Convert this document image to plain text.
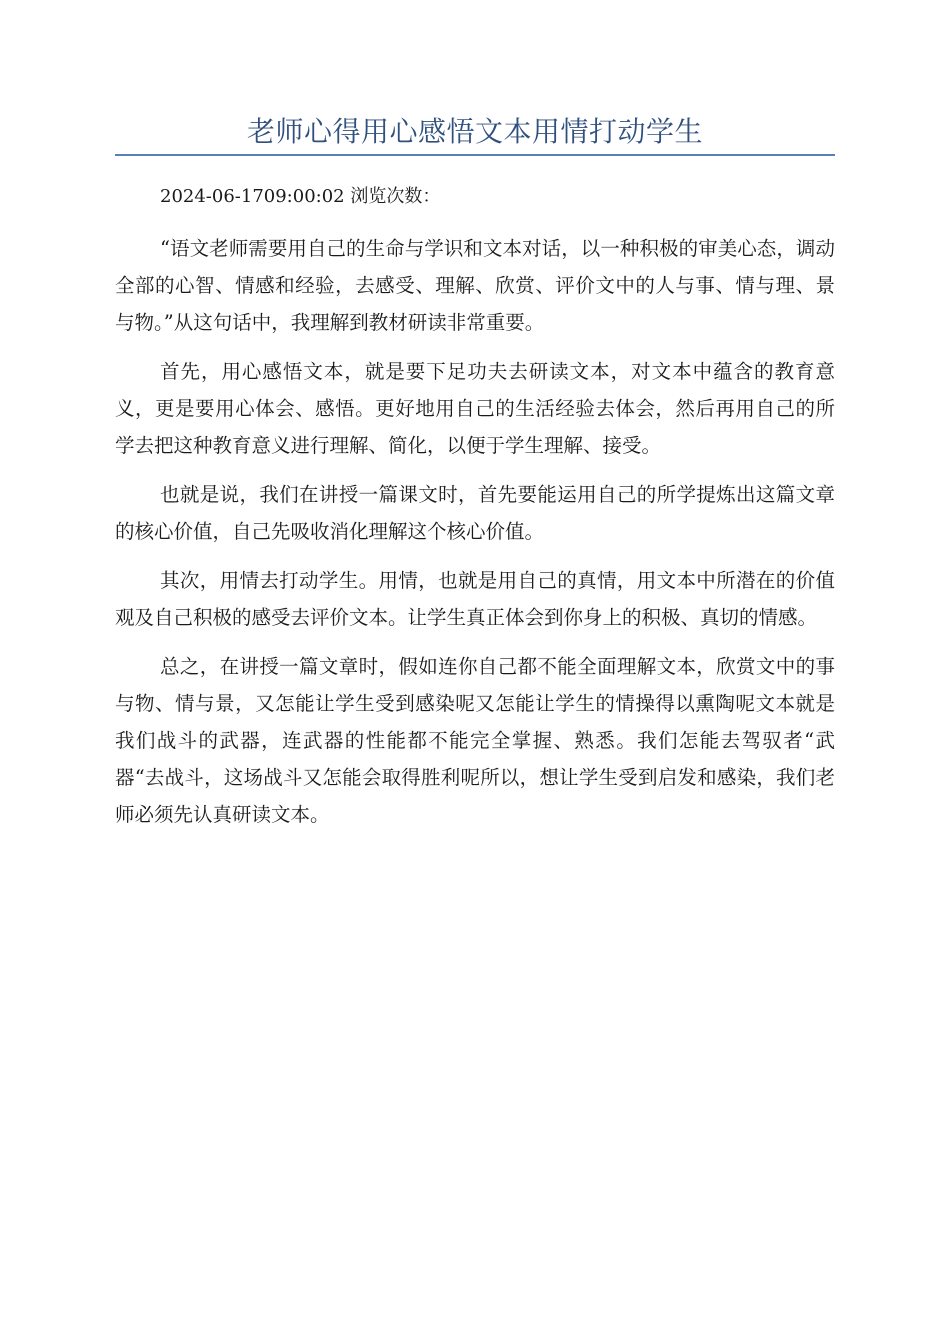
老师心得用心感悟文本用情打动学生

2024-06-1709:00:02 浏览次数：

“语文老师需要用自己的生命与学识和文本对话，以一种积极的审美心态，调动全部的心智、情感和经验，去感受、理解、欣赏、评价文中的人与事、情与理、景与物。”从这句话中，我理解到教材研读非常重要。

首先，用心感悟文本，就是要下足功夫去研读文本，对文本中蕴含的教育意义，更是要用心体会、感悟。更好地用自己的生活经验去体会，然后再用自己的所学去把这种教育意义进行理解、简化，以便于学生理解、接受。

也就是说，我们在讲授一篇课文时，首先要能运用自己的所学提炼出这篇文章的核心价值，自己先吸收消化理解这个核心价值。

其次，用情去打动学生。用情，也就是用自己的真情，用文本中所潜在的价值观及自己积极的感受去评价文本。让学生真正体会到你身上的积极、真切的情感。

总之，在讲授一篇文章时，假如连你自己都不能全面理解文本，欣赏文中的事与物、情与景，又怎能让学生受到感染呢又怎能让学生的情操得以熏陶呢文本就是我们战斗的武器，连武器的性能都不能完全掌握、熟悉。我们怎能去驾驭者“武器“去战斗，这场战斗又怎能会取得胜利呢所以，想让学生受到启发和感染，我们老师必须先认真研读文本。
